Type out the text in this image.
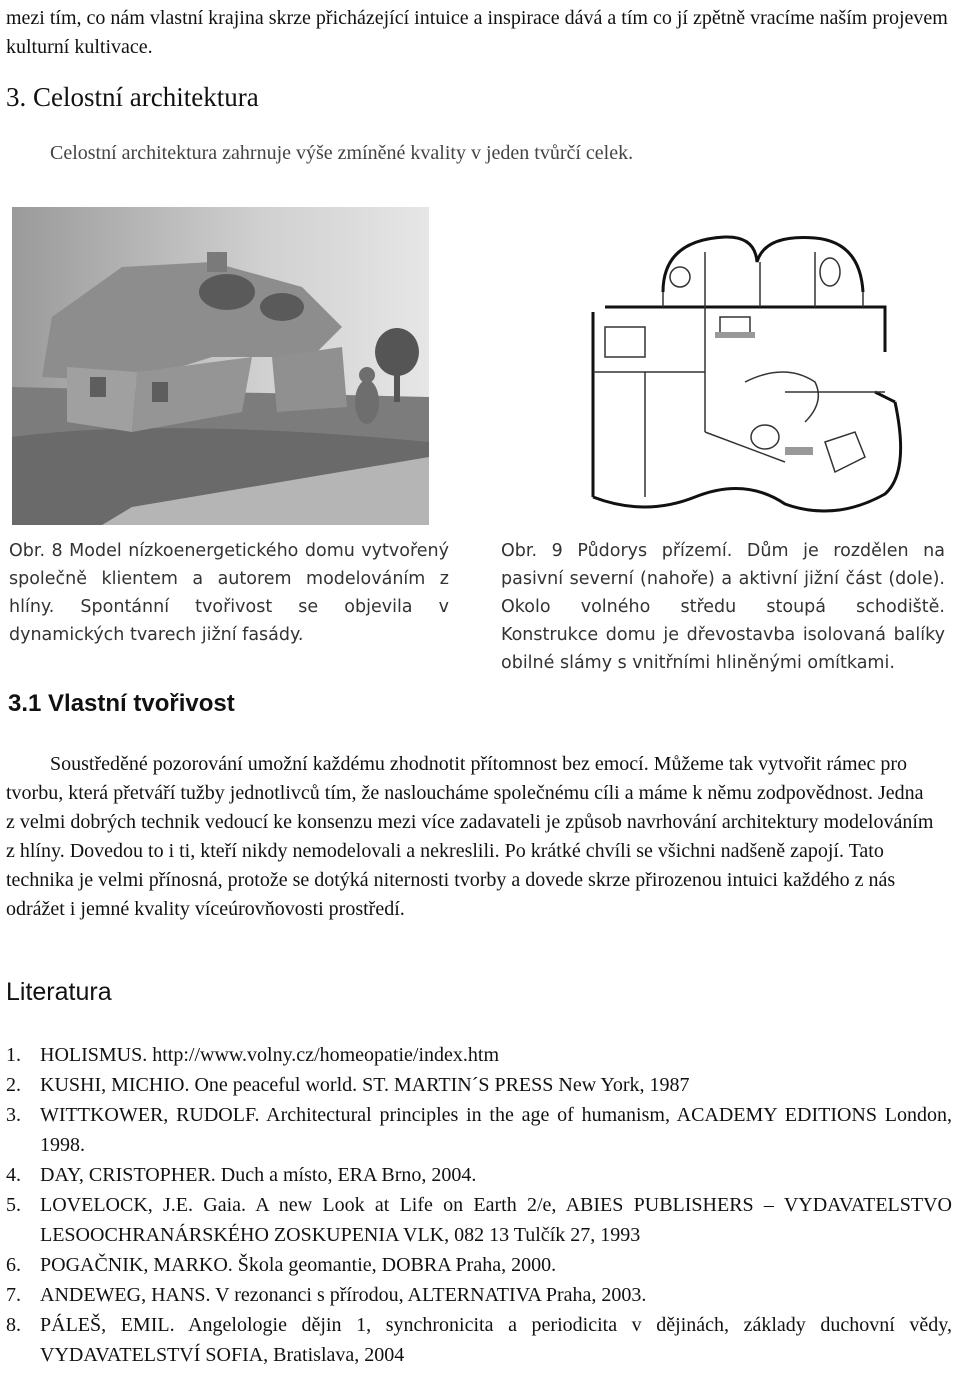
mezi tím, co nám vlastní krajina skrze přicházející intuice a inspirace dává a tím co jí zpětně vracíme naším projevem kulturní kultivace.

3. Celostní architektura
Celostní architektura zahrnuje výše zmíněné kvality v jeden tvůrčí celek.
Obr. 8 Model nízkoenergetického domu vytvořený společně klientem a autorem modelováním z hlíny. Spontánní tvořivost se objevila v dynamických tvarech jižní fasády.
Obr. 9 Půdorys přízemí. Dům je rozdělen na pasivní severní (nahoře) a aktivní jižní část (dole). Okolo volného středu stoupá schodiště. Konstrukce domu je dřevostavba isolovaná balíky obilné slámy s vnitřními hliněnými omítkami.
3.1 Vlastní tvořivost

Soustředěné pozorování umožní každému zhodnotit přítomnost bez emocí. Můžeme tak vytvořit rámec pro tvorbu, která přetváří tužby jednotlivců tím, že nasloucháme společnému cíli a máme k němu zodpovědnost. Jedna z velmi dobrých technik vedoucí ke konsenzu mezi více zadavateli je způsob navrhování architektury modelováním z hlíny. Dovedou to i ti, kteří nikdy nemodelovali a nekreslili. Po krátké chvíli se všichni nadšeně zapojí. Tato technika je velmi přínosná, protože se dotýká niternosti tvorby a dovede skrze přirozenou intuici každého z nás odrážet i jemné kvality víceúrovňovosti prostředí.

Literatura
1. HOLISMUS. http://www.volny.cz/homeopatie/index.htm
2. KUSHI, MICHIO. One peaceful world. ST. MARTIN´S PRESS New York, 1987
3. WITTKOWER, RUDOLF. Architectural principles in the age of humanism, ACADEMY EDITIONS London, 1998.
4. DAY, CRISTOPHER. Duch a místo, ERA Brno, 2004.
5. LOVELOCK, J.E. Gaia. A new Look at Life on Earth 2/e, ABIES PUBLISHERS – VYDAVATELSTVO LESOOCHRANÁRSKÉHO ZOSKUPENIA VLK, 082 13 Tulčík 27, 1993
6. POGAČNIK, MARKO. Škola geomantie, DOBRA Praha, 2000.
7. ANDEWEG, HANS. V rezonanci s přírodou, ALTERNATIVA Praha, 2003.
8. PÁLEŠ, EMIL. Angelologie dějin 1, synchronicita a periodicita v dějinách, základy duchovní vědy, VYDAVATELSTVÍ SOFIA, Bratislava, 2004
